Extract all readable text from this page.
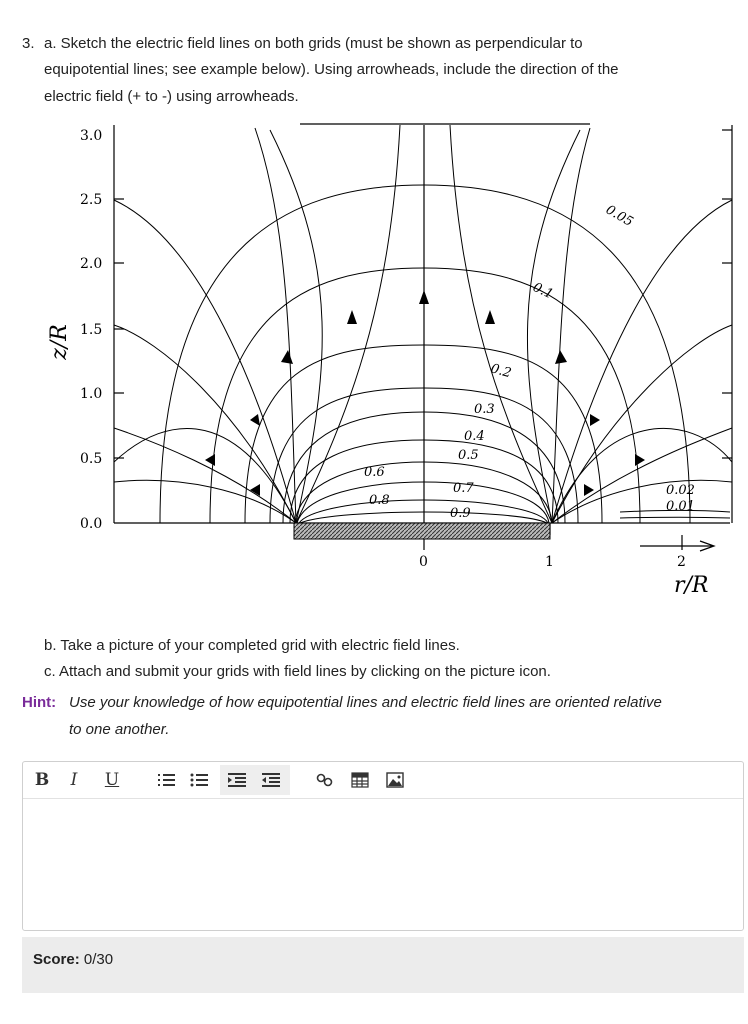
3. a. Sketch the electric field lines on both grids (must be shown as perpendicular to
equipotential lines; see example below). Using arrowheads, include the direction of the
electric field (+ to -) using arrowheads.
3.0
2.5
2.0
1.5
1.0
0.5
0.0
0	1	2
z/R
r/R
0.05
0.1
0.2
0.3
0.4
0.5
0.6
0.7
0.8
0.9
0.02
0.01
b. Take a picture of your completed grid with electric field lines.
c. Attach and submit your grids with field lines by clicking on the picture icon.
Hint: Use your knowledge of how equipotential lines and electric field lines are oriented relative
to one another.
B I U
Score: 0/30
